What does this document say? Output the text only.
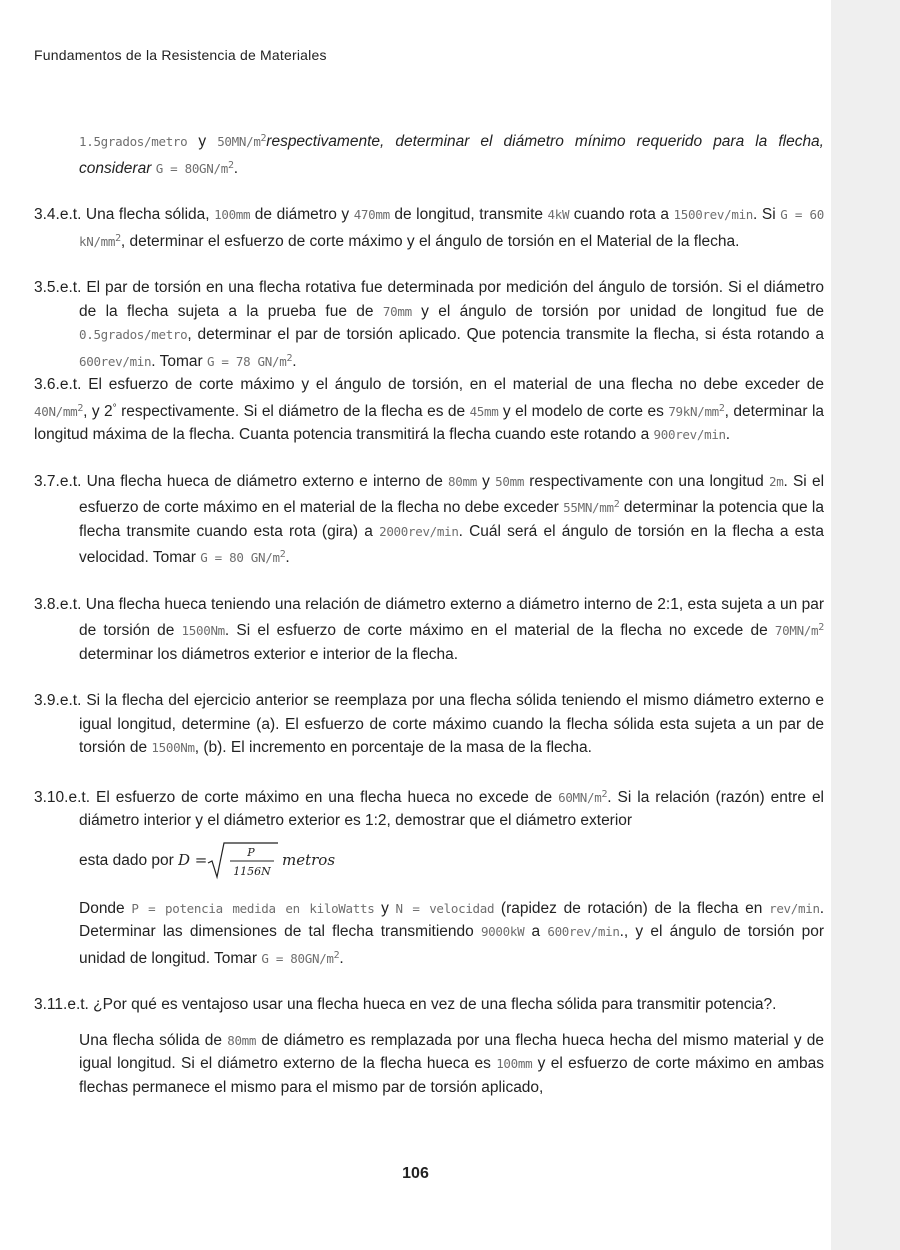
Fundamentos de la Resistencia de Materiales

1.5grados/metro y $50MN/m^2respectivamente$, determinar el diámetro mínimo requerido para la flecha, considerar $G = 80GN/m^2$.

3.4.e.t. Una flecha sólida, 100mm de diámetro y 470mm de longitud, transmite 4kW cuando rota a 1500rev/min. Si G = 60 $kN/mm^2$, determinar el esfuerzo de corte máximo y el ángulo de torsión en el Material de la flecha.

3.5.e.t. El par de torsión en una flecha rotativa fue determinada por medición del ángulo de torsión. Si el diámetro de la flecha sujeta a la prueba fue de 70mm y el ángulo de torsión por unidad de longitud fue de 0.5grados/metro, determinar el par de torsión aplicado. Que potencia transmite la flecha, si ésta rotando a 600rev/min. Tomar G = 78 $GN/m^2$.

3.6.e.t. El esfuerzo de corte máximo y el ángulo de torsión, en el material de una flecha no debe exceder de $40N/mm^2$, y 2° respectivamente. Si el diámetro de la flecha es de 45mm y el modelo de corte es $79kN/mm^2$, determinar la longitud máxima de la flecha. Cuanta potencia transmitirá la flecha cuando este rotando a 900rev/min.

3.7.e.t. Una flecha hueca de diámetro externo e interno de 80mm y 50mm respectivamente con una longitud 2m. Si el esfuerzo de corte máximo en el material de la flecha no debe exceder $55MN/mm^2$ determinar la potencia que la flecha transmite cuando esta rota (gira) a 2000rev/min. Cuál será el ángulo de torsión en la flecha a esta velocidad. Tomar G = 80 $GN/m^2$.

3.8.e.t. Una flecha hueca teniendo una relación de diámetro externo a diámetro interno de 2:1, esta sujeta a un par de torsión de 1500Nm. Si el esfuerzo de corte máximo en el material de la flecha no excede de $70MN/m^2$ determinar los diámetros exterior e interior de la flecha.

3.9.e.t. Si la flecha del ejercicio anterior se reemplaza por una flecha sólida teniendo el mismo diámetro externo e igual longitud, determine (a). El esfuerzo de corte máximo cuando la flecha sólida esta sujeta a un par de torsión de 1500Nm, (b). El incremento en porcentaje de la masa de la flecha.

3.10.e.t. El esfuerzo de corte máximo en una flecha hueca no excede de $60MN/m^2$. Si la relación (razón) entre el diámetro interior y el diámetro exterior es 1:2, demostrar que el diámetro exterior

esta dado por D =	P
1156N
metros

Donde P = potencia medida en kiloWatts y N = velocidad (rapidez de rotación) de la flecha en rev/min. Determinar las dimensiones de tal flecha transmitiendo 9000kW a 600rev/min., y el ángulo de torsión por unidad de longitud. Tomar $G = 80GN/m^2$.

3.11.e.t. ¿Por qué es ventajoso usar una flecha hueca en vez de una flecha sólida para transmitir potencia?.

Una flecha sólida de 80mm de diámetro es remplazada por una flecha hueca hecha del mismo material y de igual longitud. Si el diámetro externo de la flecha hueca es 100mm y el esfuerzo de corte máximo en ambas flechas permanece el mismo para el mismo par de torsión aplicado,

106
